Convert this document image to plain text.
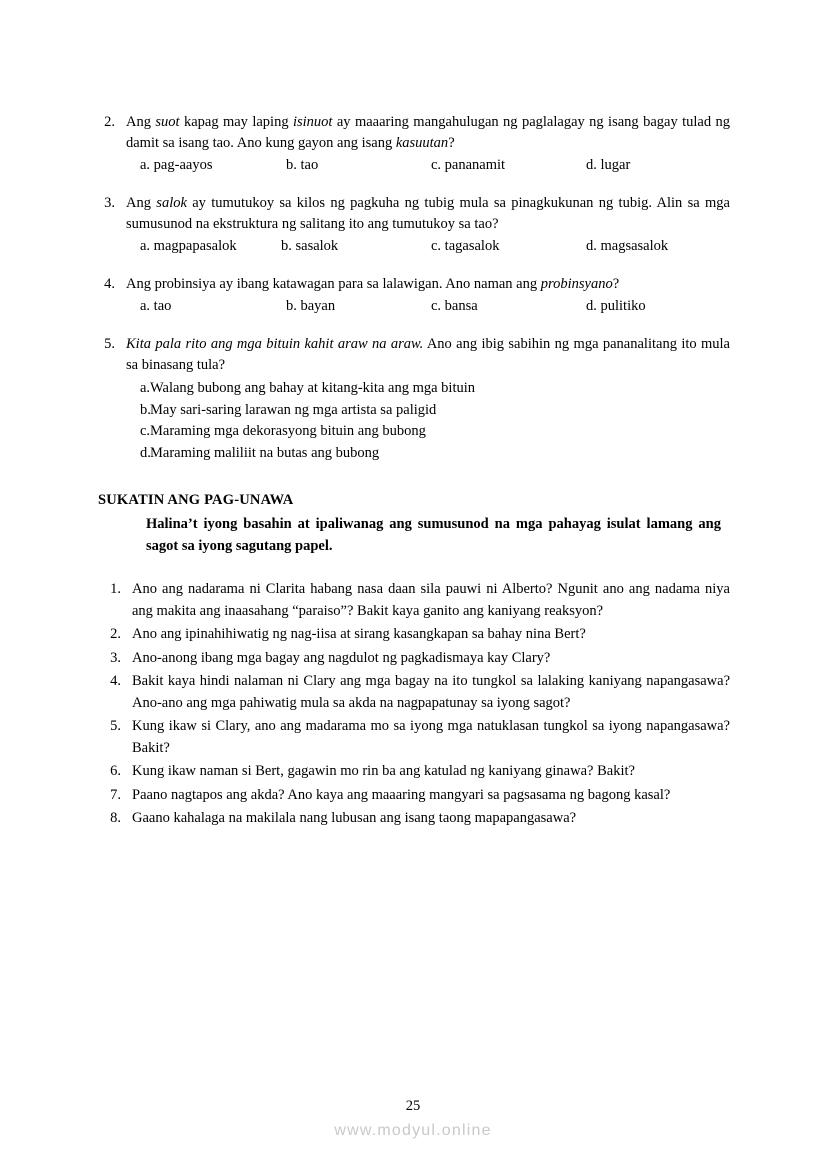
2. Ang suot kapag may laping isinuot ay maaaring mangahulugan ng paglalagay ng isang bagay tulad ng damit sa isang tao. Ano kung gayon ang isang kasuutan?
a. pag-aayos	b. tao	c. pananamit	d. lugar
3. Ang salok ay tumutukoy sa kilos ng pagkuha ng tubig mula sa pinagkukunan ng tubig. Alin sa mga sumusunod na ekstruktura ng salitang ito ang tumutukoy sa tao?
a. magpapasalok	b. sasalok	c. tagasalok	d. magsasalok
4. Ang probinsiya ay ibang katawagan para sa lalawigan. Ano naman ang probinsyano?
a. tao	b. bayan	c. bansa	d. pulitiko
5. Kita pala rito ang mga bituin kahit araw na araw. Ano ang ibig sabihin ng mga pananalitang ito mula sa binasang tula?
a. Walang bubong ang bahay at kitang-kita ang mga bituin
b. May sari-saring larawan ng mga artista sa paligid
c. Maraming mga dekorasyong bituin ang bubong
d. Maraming maliliit na butas ang bubong
SUKATIN ANG PAG-UNAWA
Halina’t iyong basahin at ipaliwanag ang sumusunod na mga pahayag isulat lamang ang sagot sa iyong sagutang papel.
1. Ano ang nadarama ni Clarita habang nasa daan sila pauwi ni Alberto? Ngunit ano ang nadama niya ang makita ang inaasahang “paraiso”? Bakit kaya ganito ang kaniyang reaksyon?
2. Ano ang ipinahihiwatig ng nag-iisa at sirang kasangkapan sa bahay nina Bert?
3. Ano-anong ibang mga bagay ang nagdulot ng pagkadismaya kay Clary?
4. Bakit kaya hindi nalaman ni Clary ang mga bagay na ito tungkol sa lalaking kaniyang napangasawa? Ano-ano ang mga pahiwatig mula sa akda na nagpapatunay sa iyong sagot?
5. Kung ikaw si Clary, ano ang madarama mo sa iyong mga natuklasan tungkol sa iyong napangasawa? Bakit?
6. Kung ikaw naman si Bert, gagawin mo rin ba ang katulad ng kaniyang ginawa? Bakit?
7. Paano nagtapos ang akda? Ano kaya ang maaaring mangyari sa pagsasama ng bagong kasal?
8. Gaano kahalaga na makilala nang lubusan ang isang taong mapapangasawa?
25
www.modyul.online
